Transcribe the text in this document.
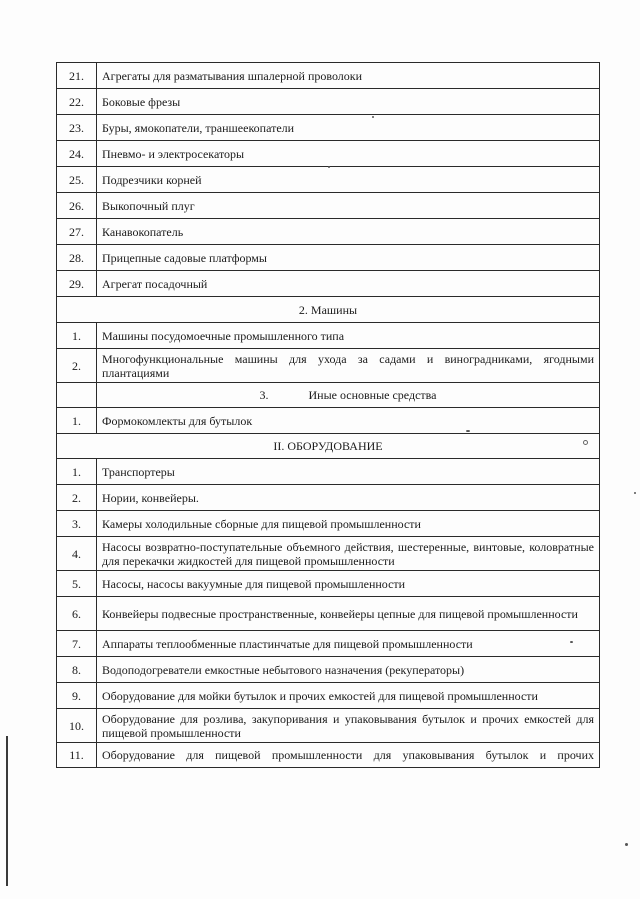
21.	Агрегаты для разматывания шпалерной проволоки
22.	Боковые фрезы
23.	Буры, ямокопатели, траншеекопатели
24.	Пневмо- и электросекаторы
25.	Подрезчики корней
26.	Выкопочный плуг
27.	Канавокопатель
28.	Прицепные садовые платформы
29.	Агрегат посадочный
2. Машины	
1.	Машины посудомоечные промышленного типа
2.	Многофункциональные машины для ухода за садами и виноградниками, ягодными плантациями
	3. Иные основные средства
1.	Формокомлекты для бутылок
II. ОБОРУДОВАНИЕ	
1.	Транспортеры
2.	Нории, конвейеры.
3.	Камеры холодильные сборные для пищевой промышленности
4.	Насосы возвратно-поступательные объемного действия, шестеренные, винтовые, коловратные для перекачки жидкостей для пищевой промышленности
5.	Насосы, насосы вакуумные для пищевой промышленности
6.	Конвейеры подвесные пространственные, конвейеры цепные для пищевой промышленности
7.	Аппараты теплообменные пластинчатые для пищевой промышленности
8.	Водоподогреватели емкостные небытового назначения (рекуператоры)
9.	Оборудование для мойки бутылок и прочих емкостей для пищевой промышленности
10.	Оборудование для розлива, закупоривания и упаковывания бутылок и прочих емкостей для пищевой промышленности
11.	Оборудование для пищевой промышленности для упаковывания бутылок и прочих
